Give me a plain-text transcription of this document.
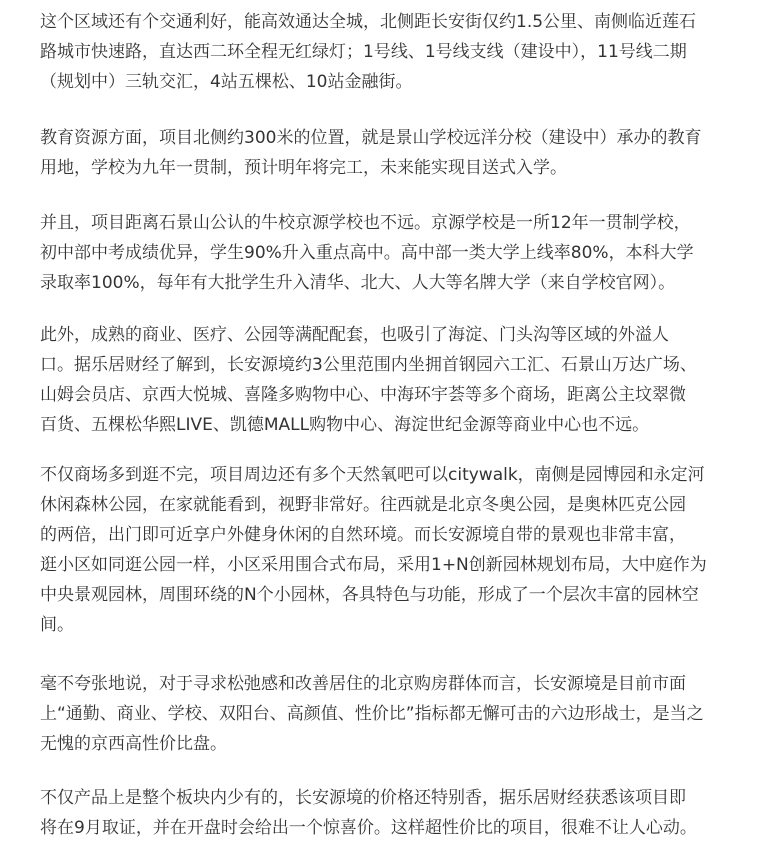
这个区域还有个交通利好，能高效通达全城，北侧距长安街仅约1.5公里、南侧临近莲石
路城市快速路，直达西二环全程无红绿灯；1号线、1号线支线（建设中），11号线二期
（规划中）三轨交汇，4站五棵松、10站金融街。

教育资源方面，项目北侧约300米的位置，就是景山学校远洋分校（建设中）承办的教育
用地，学校为九年一贯制，预计明年将完工，未来能实现目送式入学。

并且，项目距离石景山公认的牛校京源学校也不远。京源学校是一所12年一贯制学校，
初中部中考成绩优异，学生90%升入重点高中。高中部一类大学上线率80%，本科大学
录取率100%，每年有大批学生升入清华、北大、人大等名牌大学（来自学校官网）。

此外，成熟的商业、医疗、公园等满配配套，也吸引了海淀、门头沟等区域的外溢人
口。据乐居财经了解到，长安源境约3公里范围内坐拥首钢园六工汇、石景山万达广场、
山姆会员店、京西大悦城、喜隆多购物中心、中海环宇荟等多个商场，距离公主坟翠微
百货、五棵松华熙LIVE、凯德MALL购物中心、海淀世纪金源等商业中心也不远。

不仅商场多到逛不完，项目周边还有多个天然氧吧可以citywalk，南侧是园博园和永定河
休闲森林公园，在家就能看到，视野非常好。往西就是北京冬奥公园，是奥林匹克公园
的两倍，出门即可近享户外健身休闲的自然环境。而长安源境自带的景观也非常丰富，
逛小区如同逛公园一样，小区采用围合式布局，采用1+N创新园林规划布局，大中庭作为
中央景观园林，周围环绕的N个小园林，各具特色与功能，形成了一个层次丰富的园林空
间。

毫不夸张地说，对于寻求松弛感和改善居住的北京购房群体而言，长安源境是目前市面
上“通勤、商业、学校、双阳台、高颜值、性价比”指标都无懈可击的六边形战士，是当之
无愧的京西高性价比盘。

不仅产品上是整个板块内少有的，长安源境的价格还特别香，据乐居财经获悉该项目即
将在9月取证，并在开盘时会给出一个惊喜价。这样超性价比的项目，很难不让人心动。
